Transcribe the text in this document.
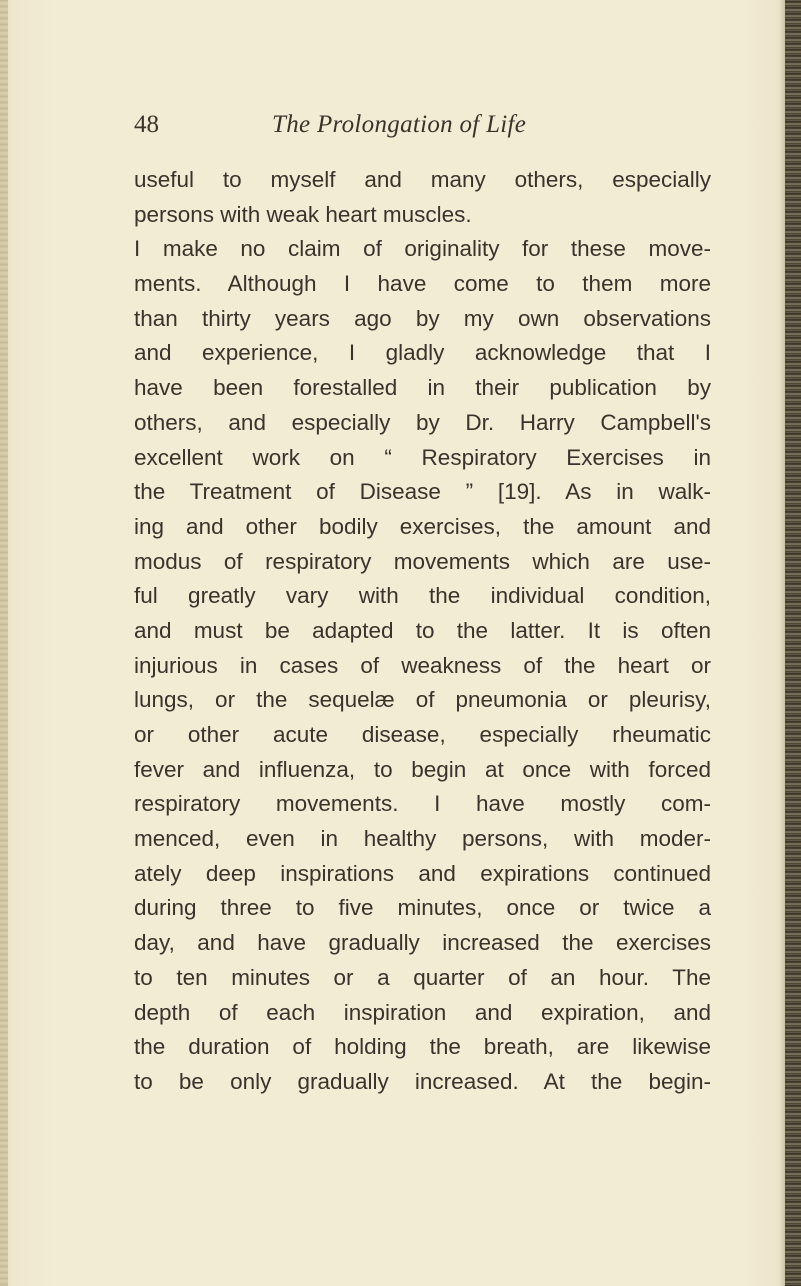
48	The Prolongation of Life
useful to myself and many others, especially
persons with weak heart muscles.
I make no claim of originality for these move-
ments. Although I have come to them more
than thirty years ago by my own observations
and experience, I gladly acknowledge that I
have been forestalled in their publication by
others, and especially by Dr. Harry Campbell's
excellent work on “ Respiratory Exercises in
the Treatment of Disease ” [19]. As in walk-
ing and other bodily exercises, the amount and
modus of respiratory movements which are use-
ful greatly vary with the individual condition,
and must be adapted to the latter. It is often
injurious in cases of weakness of the heart or
lungs, or the sequelæ of pneumonia or pleurisy,
or other acute disease, especially rheumatic
fever and influenza, to begin at once with forced
respiratory movements. I have mostly com-
menced, even in healthy persons, with moder-
ately deep inspirations and expirations continued
during three to five minutes, once or twice a
day, and have gradually increased the exercises
to ten minutes or a quarter of an hour. The
depth of each inspiration and expiration, and
the duration of holding the breath, are likewise
to be only gradually increased. At the begin-
